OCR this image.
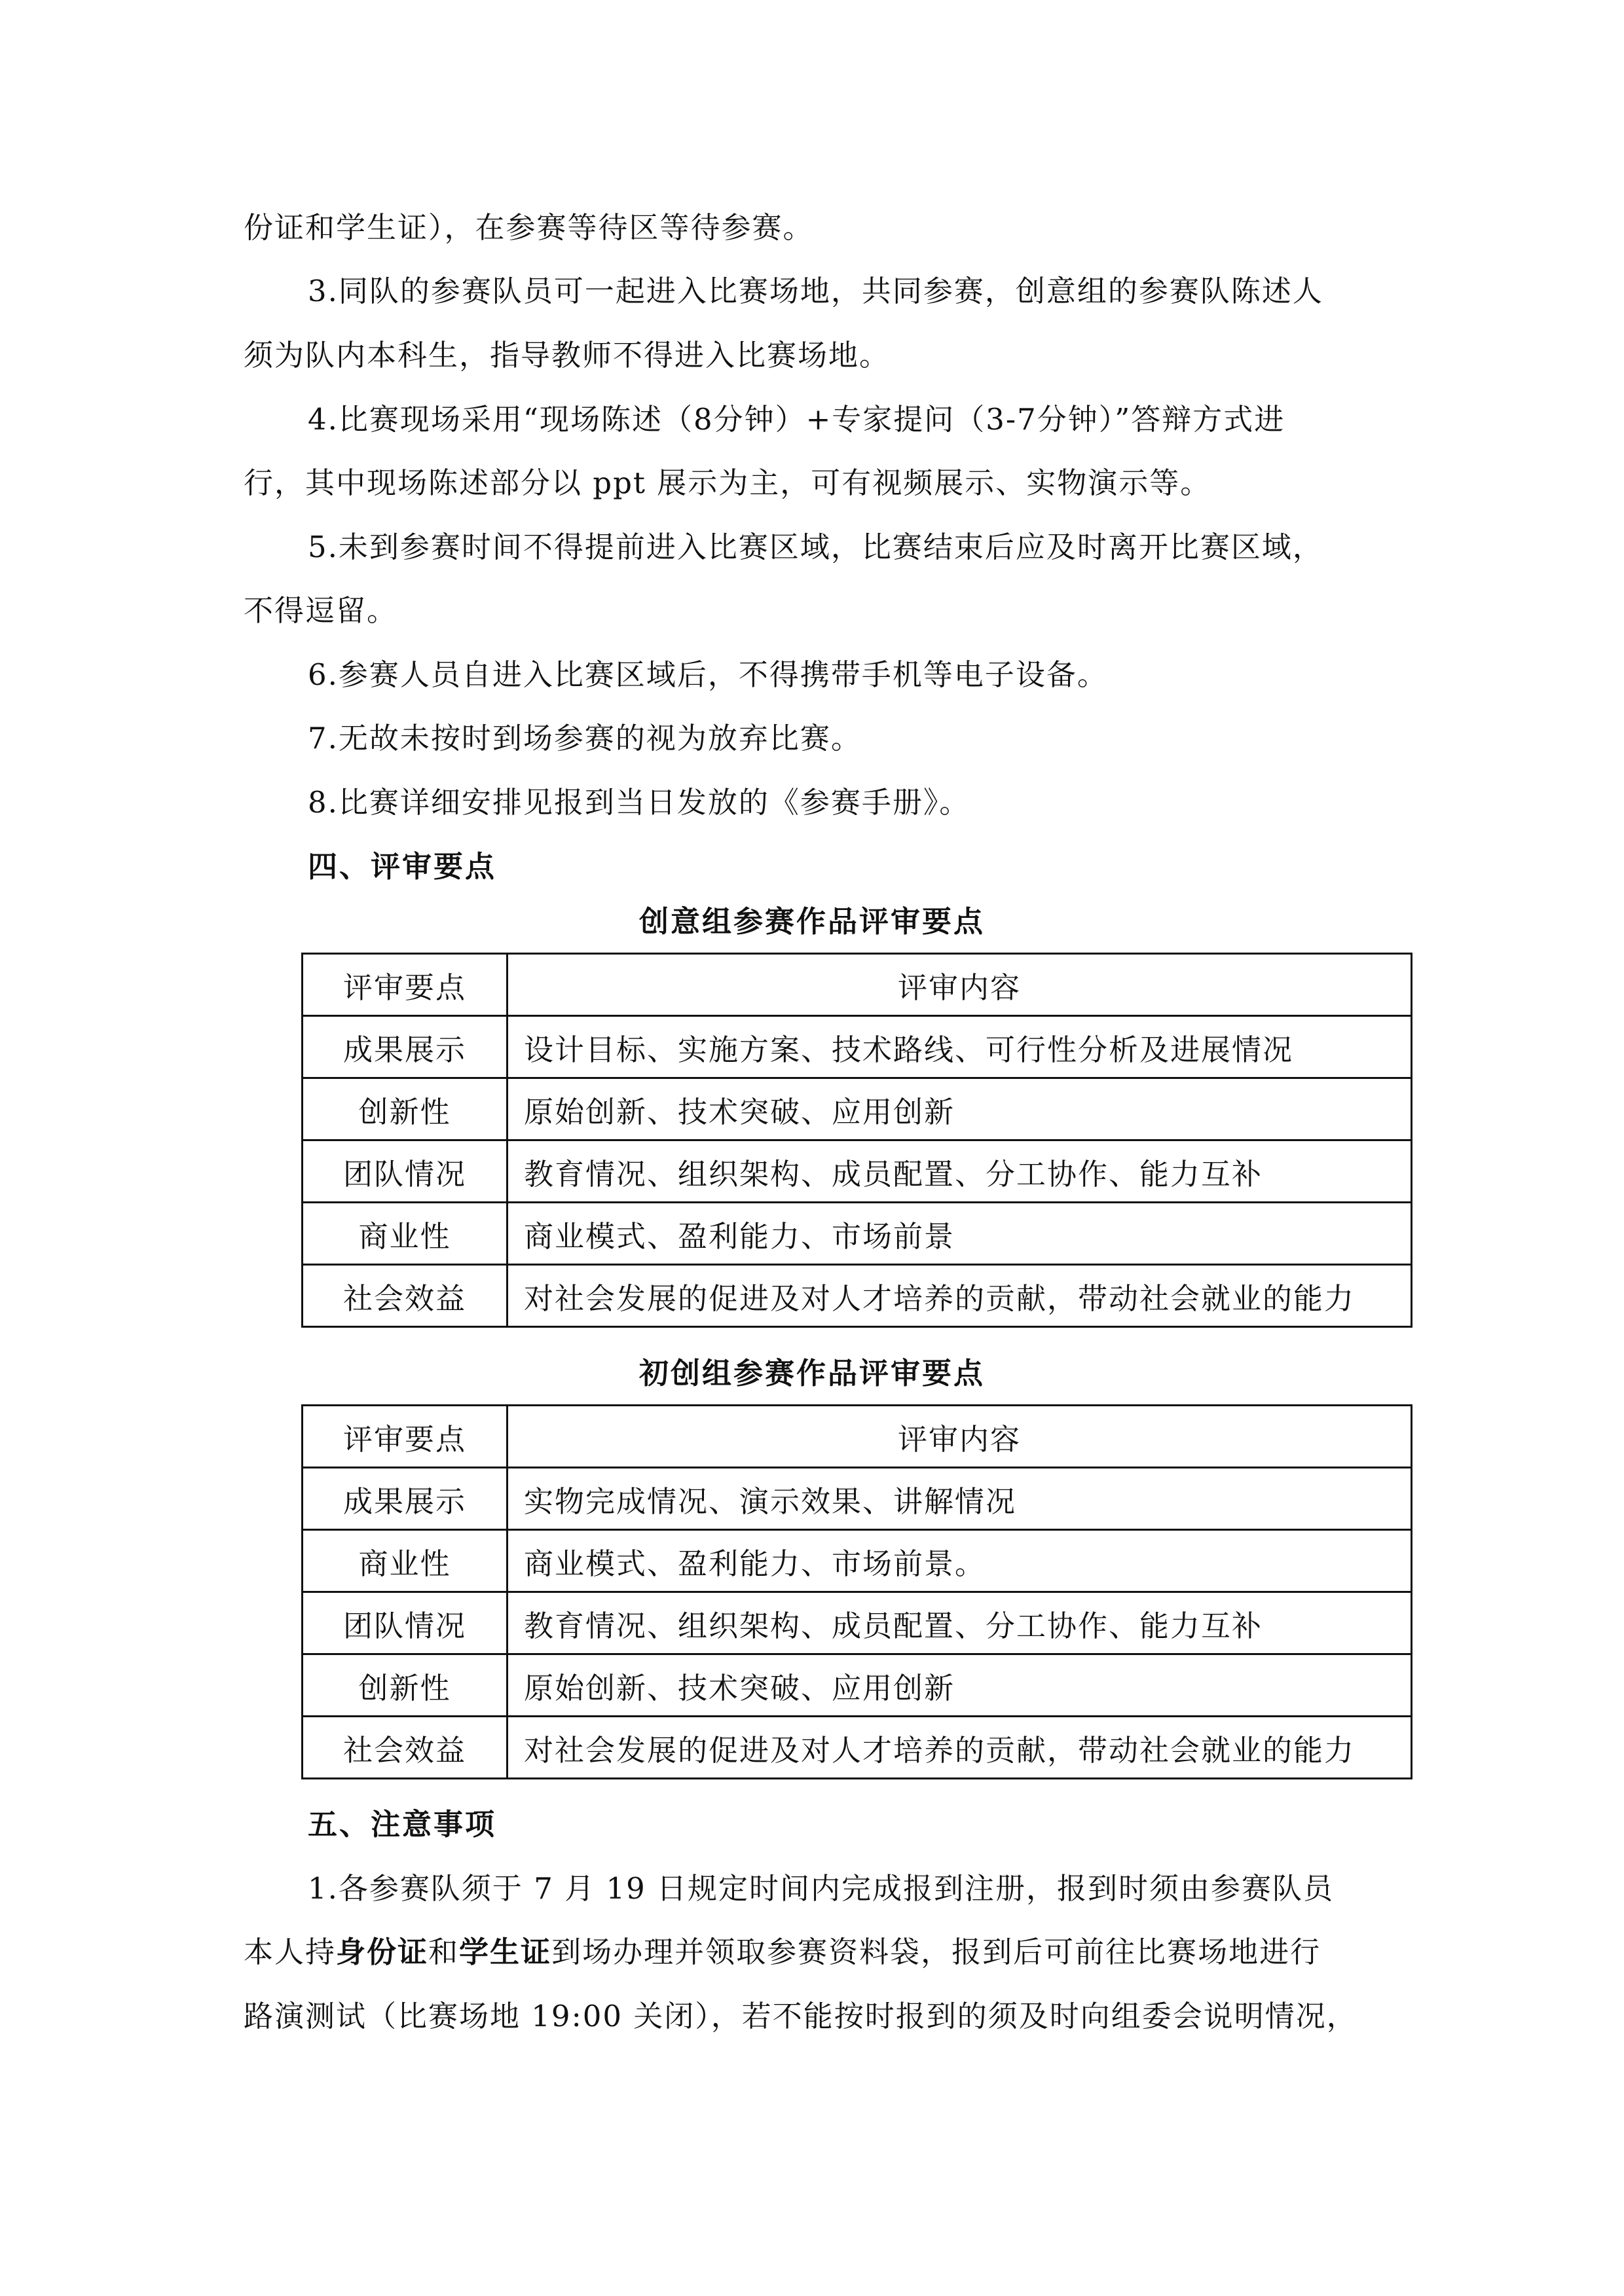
份证和学生证），在参赛等待区等待参赛。
3.同队的参赛队员可一起进入比赛场地，共同参赛，创意组的参赛队陈述人
须为队内本科生，指导教师不得进入比赛场地。
4.比赛现场采用“现场陈述（8分钟）+专家提问（3-7分钟）”答辩方式进
行，其中现场陈述部分以 ppt 展示为主，可有视频展示、实物演示等。
5.未到参赛时间不得提前进入比赛区域，比赛结束后应及时离开比赛区域，
不得逗留。
6.参赛人员自进入比赛区域后，不得携带手机等电子设备。
7.无故未按时到场参赛的视为放弃比赛。
8.比赛详细安排见报到当日发放的《参赛手册》。
四、评审要点
创意组参赛作品评审要点
评审要点	评审内容
成果展示	设计目标、实施方案、技术路线、可行性分析及进展情况
创新性	原始创新、技术突破、应用创新
团队情况	教育情况、组织架构、成员配置、分工协作、能力互补
商业性	商业模式、盈利能力、市场前景
社会效益	对社会发展的促进及对人才培养的贡献，带动社会就业的能力
初创组参赛作品评审要点
评审要点	评审内容
成果展示	实物完成情况、演示效果、讲解情况
商业性	商业模式、盈利能力、市场前景。
团队情况	教育情况、组织架构、成员配置、分工协作、能力互补
创新性	原始创新、技术突破、应用创新
社会效益	对社会发展的促进及对人才培养的贡献，带动社会就业的能力
五、注意事项
1.各参赛队须于 7 月 19 日规定时间内完成报到注册，报到时须由参赛队员
本人持身份证和学生证到场办理并领取参赛资料袋，报到后可前往比赛场地进行
路演测试（比赛场地 19:00 关闭），若不能按时报到的须及时向组委会说明情况，
